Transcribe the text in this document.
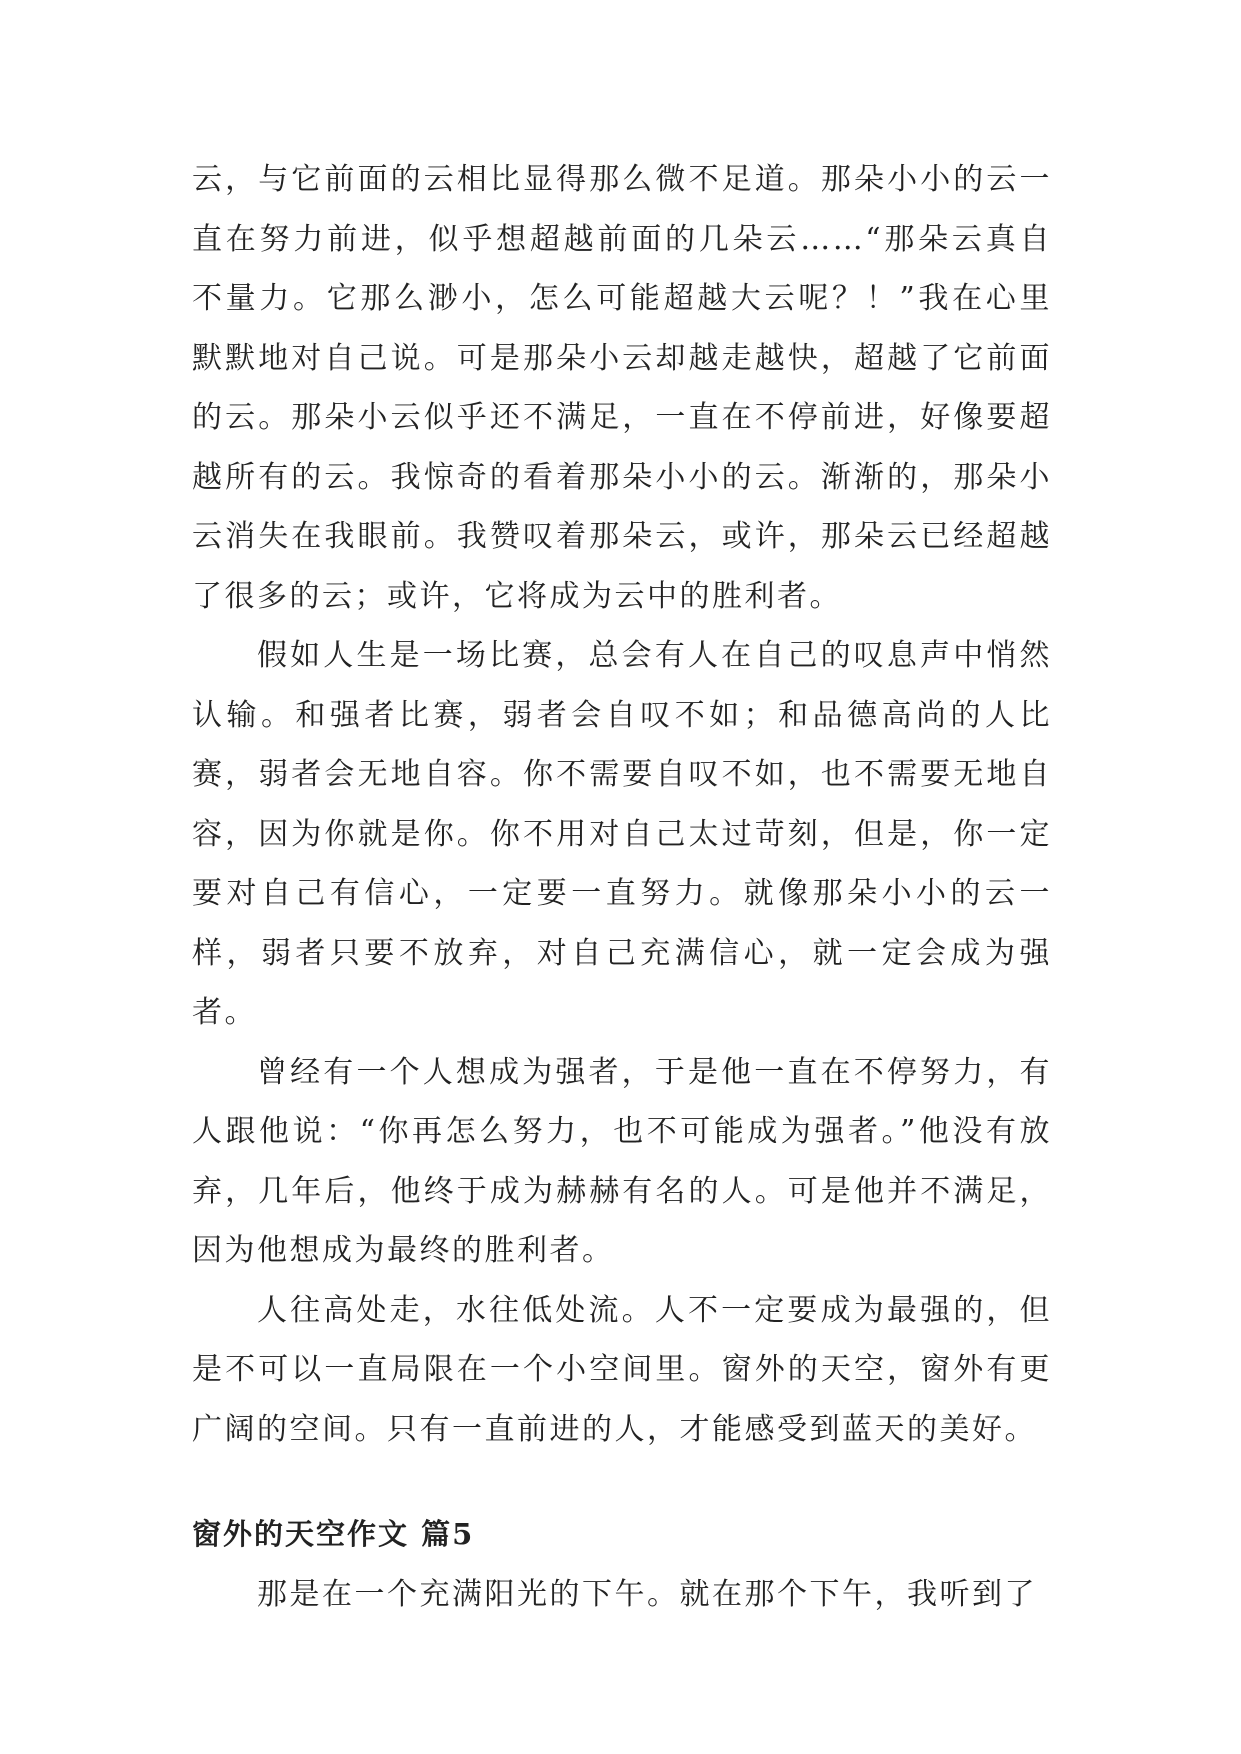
云，与它前面的云相比显得那么微不足道。那朵小小的云一直在努力前进，似乎想超越前面的几朵云……“那朵云真自不量力。它那么渺小，怎么可能超越大云呢？！”我在心里默默地对自己说。可是那朵小云却越走越快，超越了它前面的云。那朵小云似乎还不满足，一直在不停前进，好像要超越所有的云。我惊奇的看着那朵小小的云。渐渐的，那朵小云消失在我眼前。我赞叹着那朵云，或许，那朵云已经超越了很多的云；或许，它将成为云中的胜利者。

假如人生是一场比赛，总会有人在自己的叹息声中悄然认输。和强者比赛，弱者会自叹不如；和品德高尚的人比赛，弱者会无地自容。你不需要自叹不如，也不需要无地自容，因为你就是你。你不用对自己太过苛刻，但是，你一定要对自己有信心，一定要一直努力。就像那朵小小的云一样，弱者只要不放弃，对自己充满信心，就一定会成为强者。

曾经有一个人想成为强者，于是他一直在不停努力，有人跟他说：“你再怎么努力，也不可能成为强者。”他没有放弃，几年后，他终于成为赫赫有名的人。可是他并不满足，因为他想成为最终的胜利者。

人往高处走，水往低处流。人不一定要成为最强的，但是不可以一直局限在一个小空间里。窗外的天空，窗外有更广阔的空间。只有一直前进的人，才能感受到蓝天的美好。

窗外的天空作文 篇5

那是在一个充满阳光的下午。就在那个下午，我听到了
